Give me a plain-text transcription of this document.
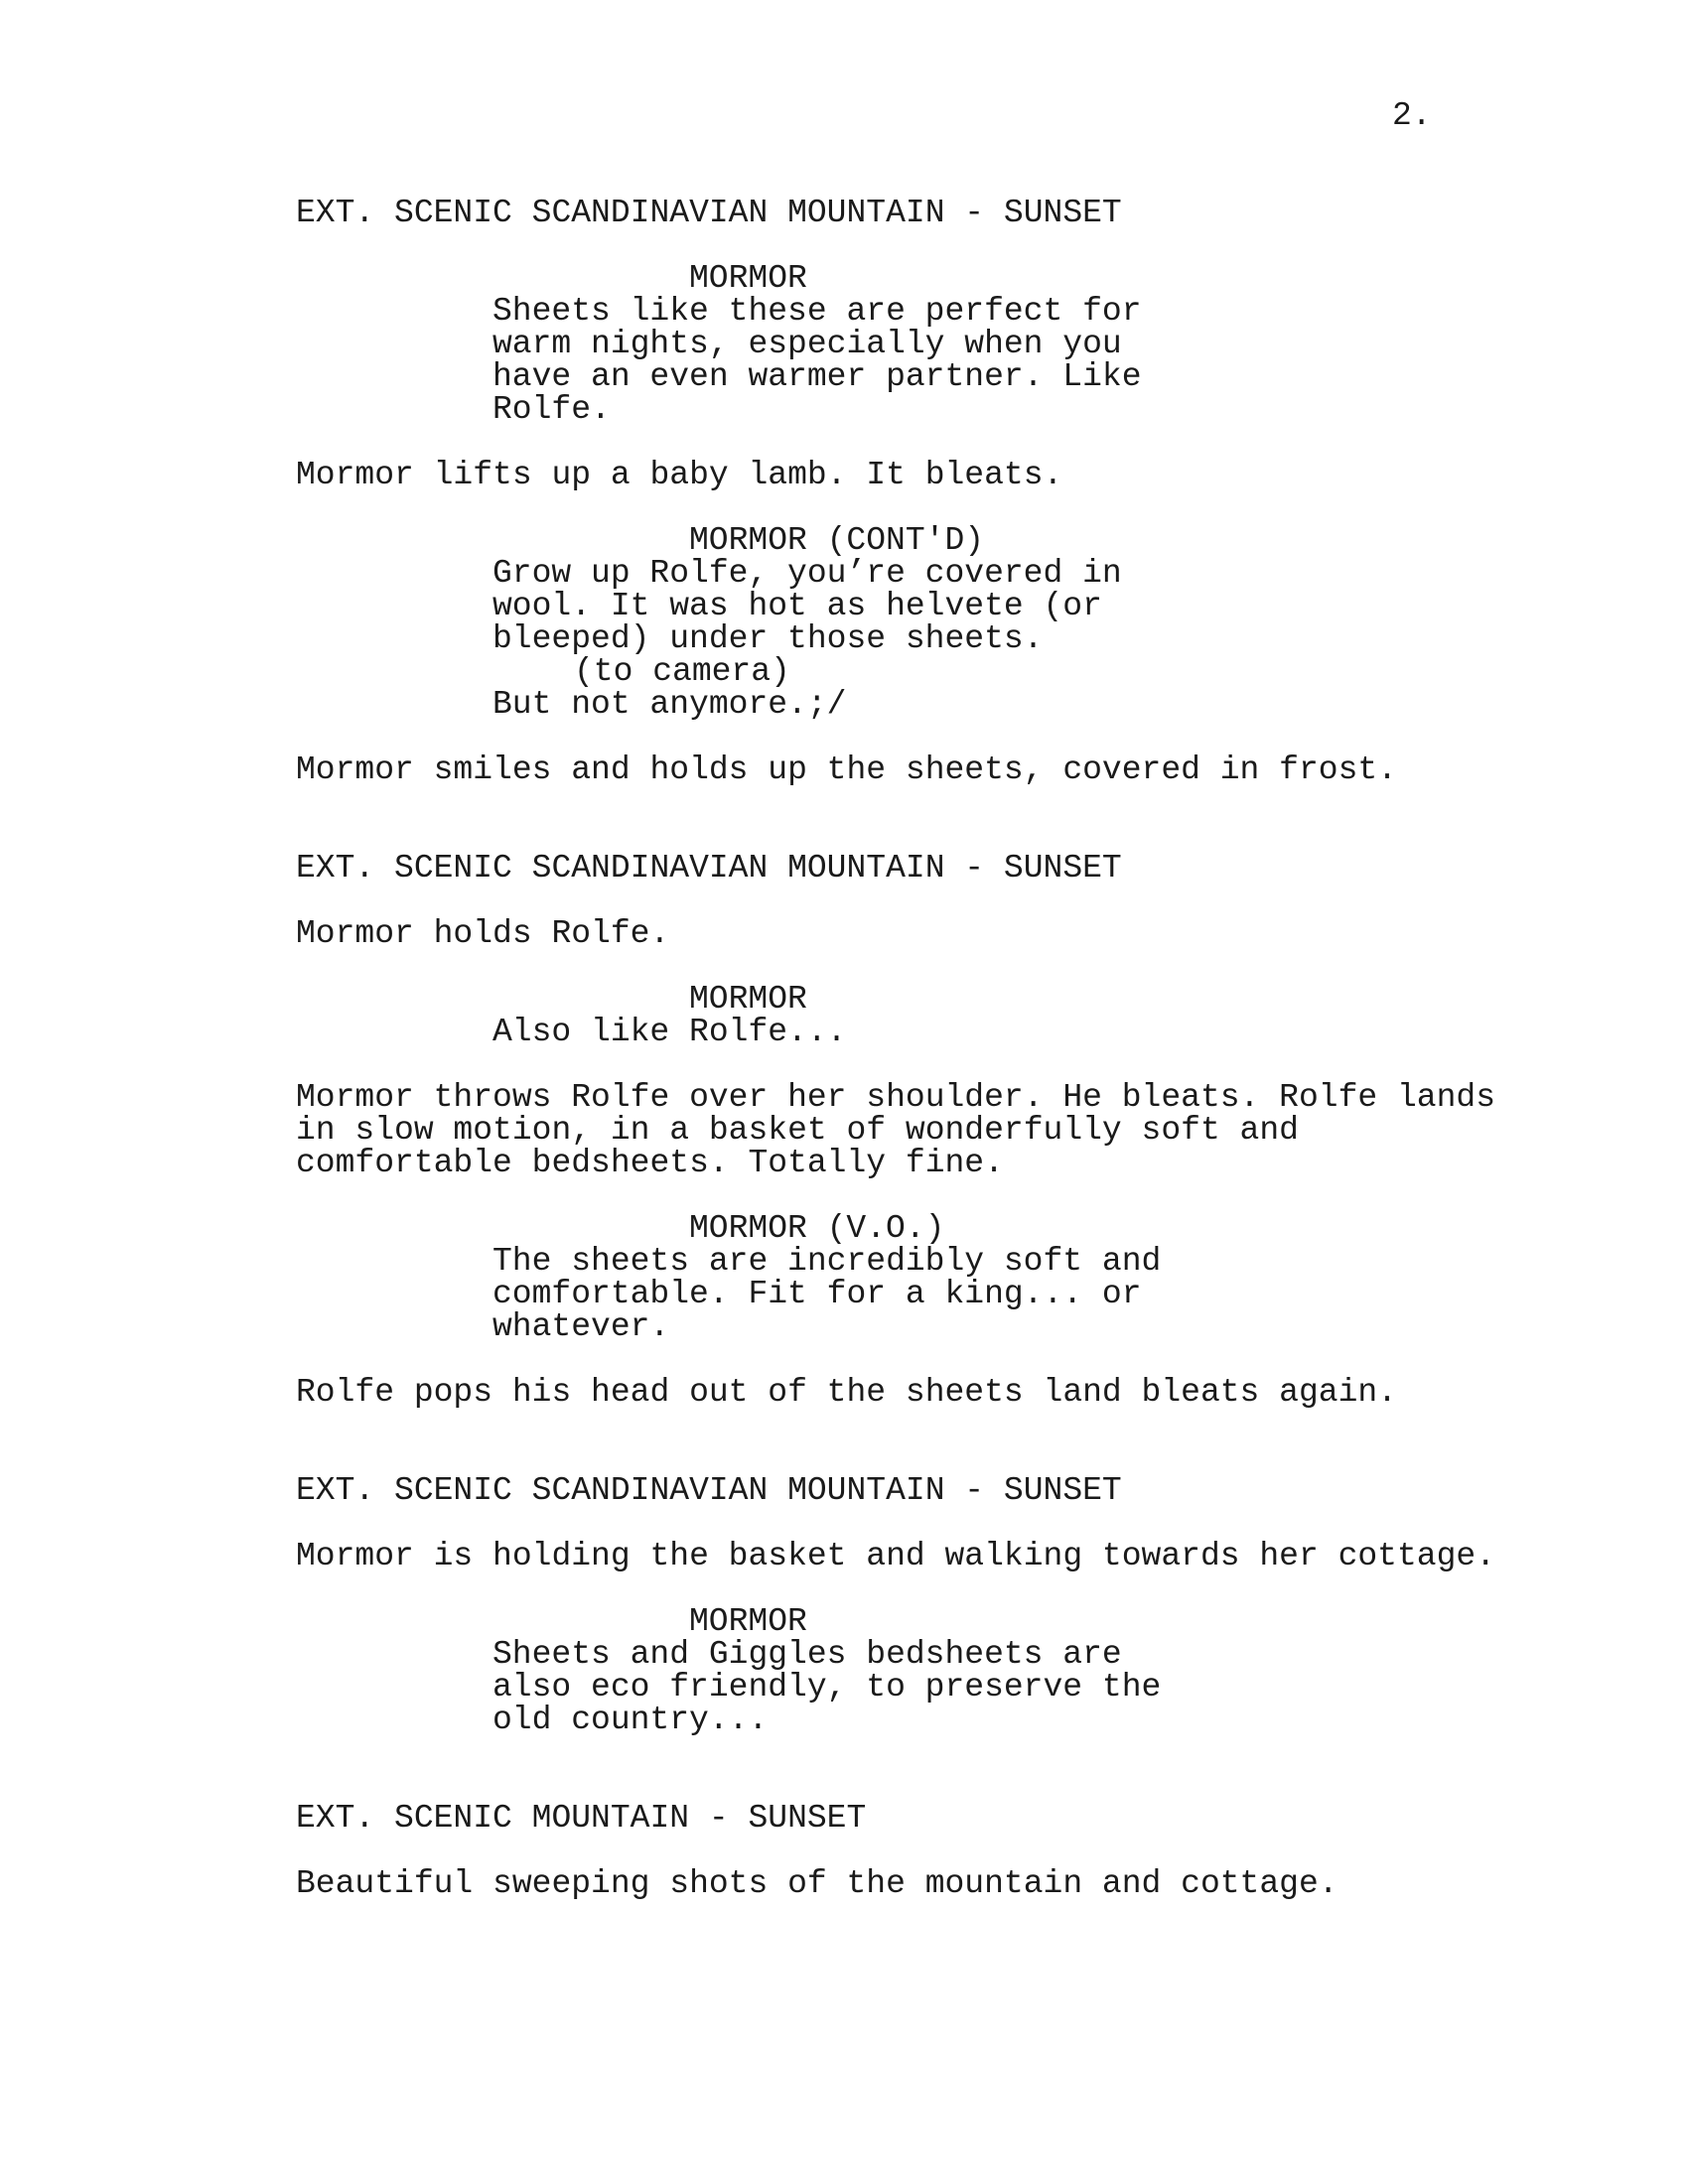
2.

EXT. SCENIC SCANDINAVIAN MOUNTAIN - SUNSET

MORMOR

Sheets like these are perfect for

warm nights, especially when you

have an even warmer partner. Like

Rolfe.

Mormor lifts up a baby lamb. It bleats.

MORMOR (CONT'D)

Grow up Rolfe, you’re covered in

wool. It was hot as helvete (or

bleeped) under those sheets.

(to camera)

But not anymore.;/

Mormor smiles and holds up the sheets, covered in frost.

EXT. SCENIC SCANDINAVIAN MOUNTAIN - SUNSET

Mormor holds Rolfe.

MORMOR

Also like Rolfe...

Mormor throws Rolfe over her shoulder. He bleats. Rolfe lands

in slow motion, in a basket of wonderfully soft and

comfortable bedsheets. Totally fine.

MORMOR (V.O.)

The sheets are incredibly soft and

comfortable. Fit for a king... or

whatever.

Rolfe pops his head out of the sheets land bleats again.

EXT. SCENIC SCANDINAVIAN MOUNTAIN - SUNSET

Mormor is holding the basket and walking towards her cottage.

MORMOR

Sheets and Giggles bedsheets are

also eco friendly, to preserve the

old country...

EXT. SCENIC MOUNTAIN - SUNSET

Beautiful sweeping shots of the mountain and cottage.
